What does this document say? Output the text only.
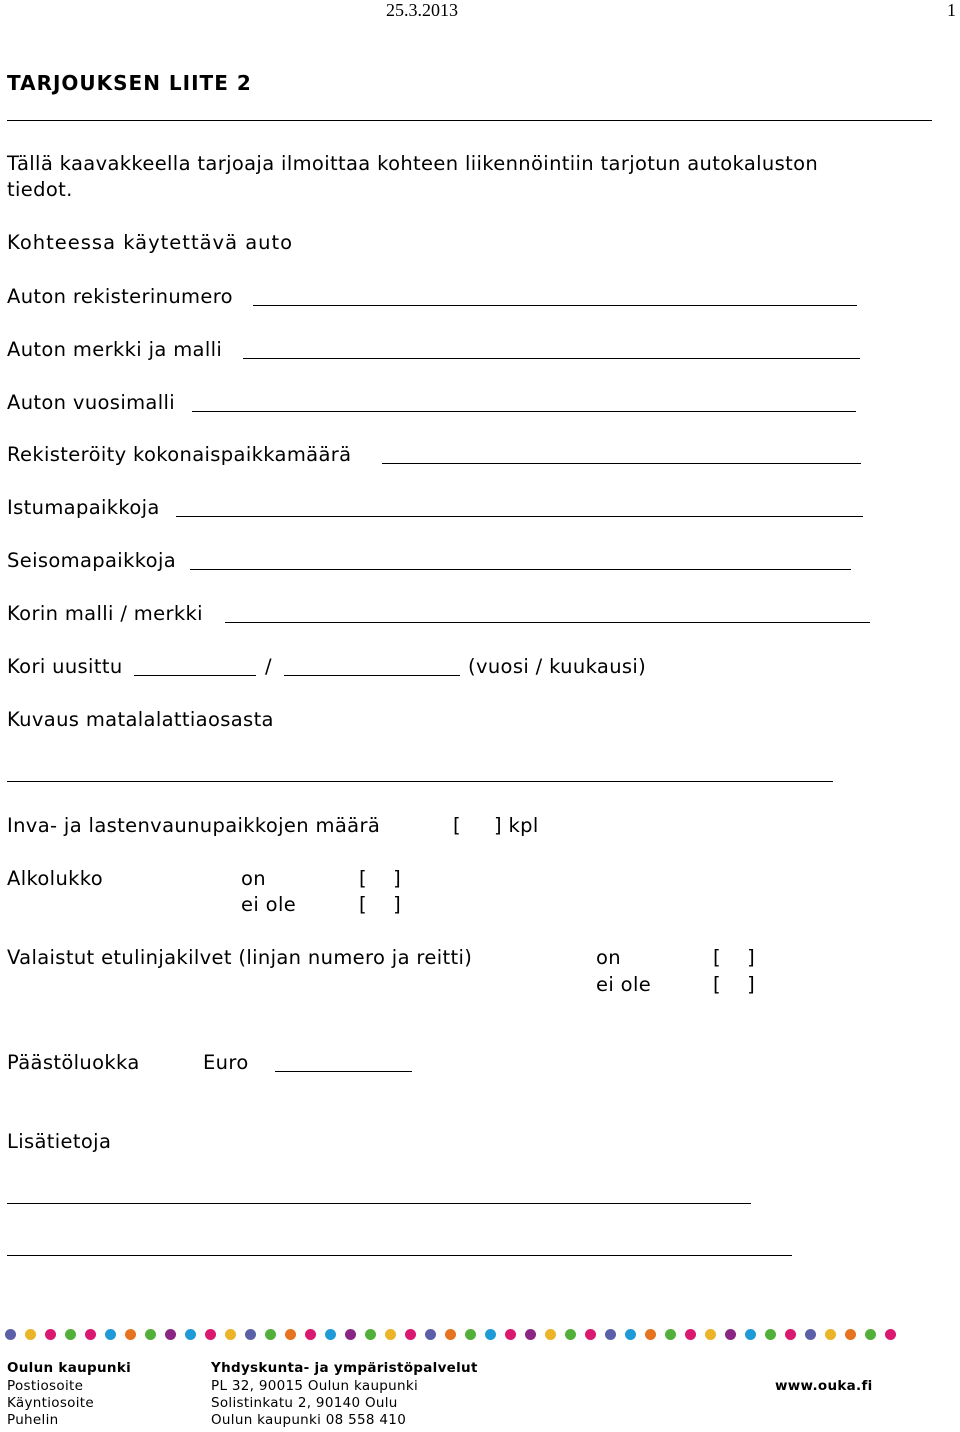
25.3.2013	1
TARJOUKSEN LIITE 2
Tällä kaavakkeella tarjoaja ilmoittaa kohteen liikennöintiin tarjotun autokaluston
tiedot.
Kohteessa käytettävä auto
Auton rekisterinumero
Auton merkki ja malli
Auton vuosimalli
Rekisteröity kokonaispaikkamäärä
Istumapaikkoja
Seisomapaikkoja
Korin malli / merkki
Kori uusittu	/	(vuosi / kuukausi)
Kuvaus matalalattiaosasta
Inva- ja lastenvaunupaikkojen määrä	[ ] kpl
Alkolukko	on	[    ]
ei ole	[    ]
Valaistut etulinjakilvet (linjan numero ja reitti)	on	[    ]
ei ole	[    ]
Päästöluokka	Euro
Lisätietoja
Oulun kaupunki	Yhdyskunta- ja ympäristöpalvelut
Postiosoite	PL 32, 90015 Oulun kaupunki
Käyntiosoite	Solistinkatu 2, 90140 Oulu
Puhelin	Oulun kaupunki 08 558 410
www.ouka.fi
